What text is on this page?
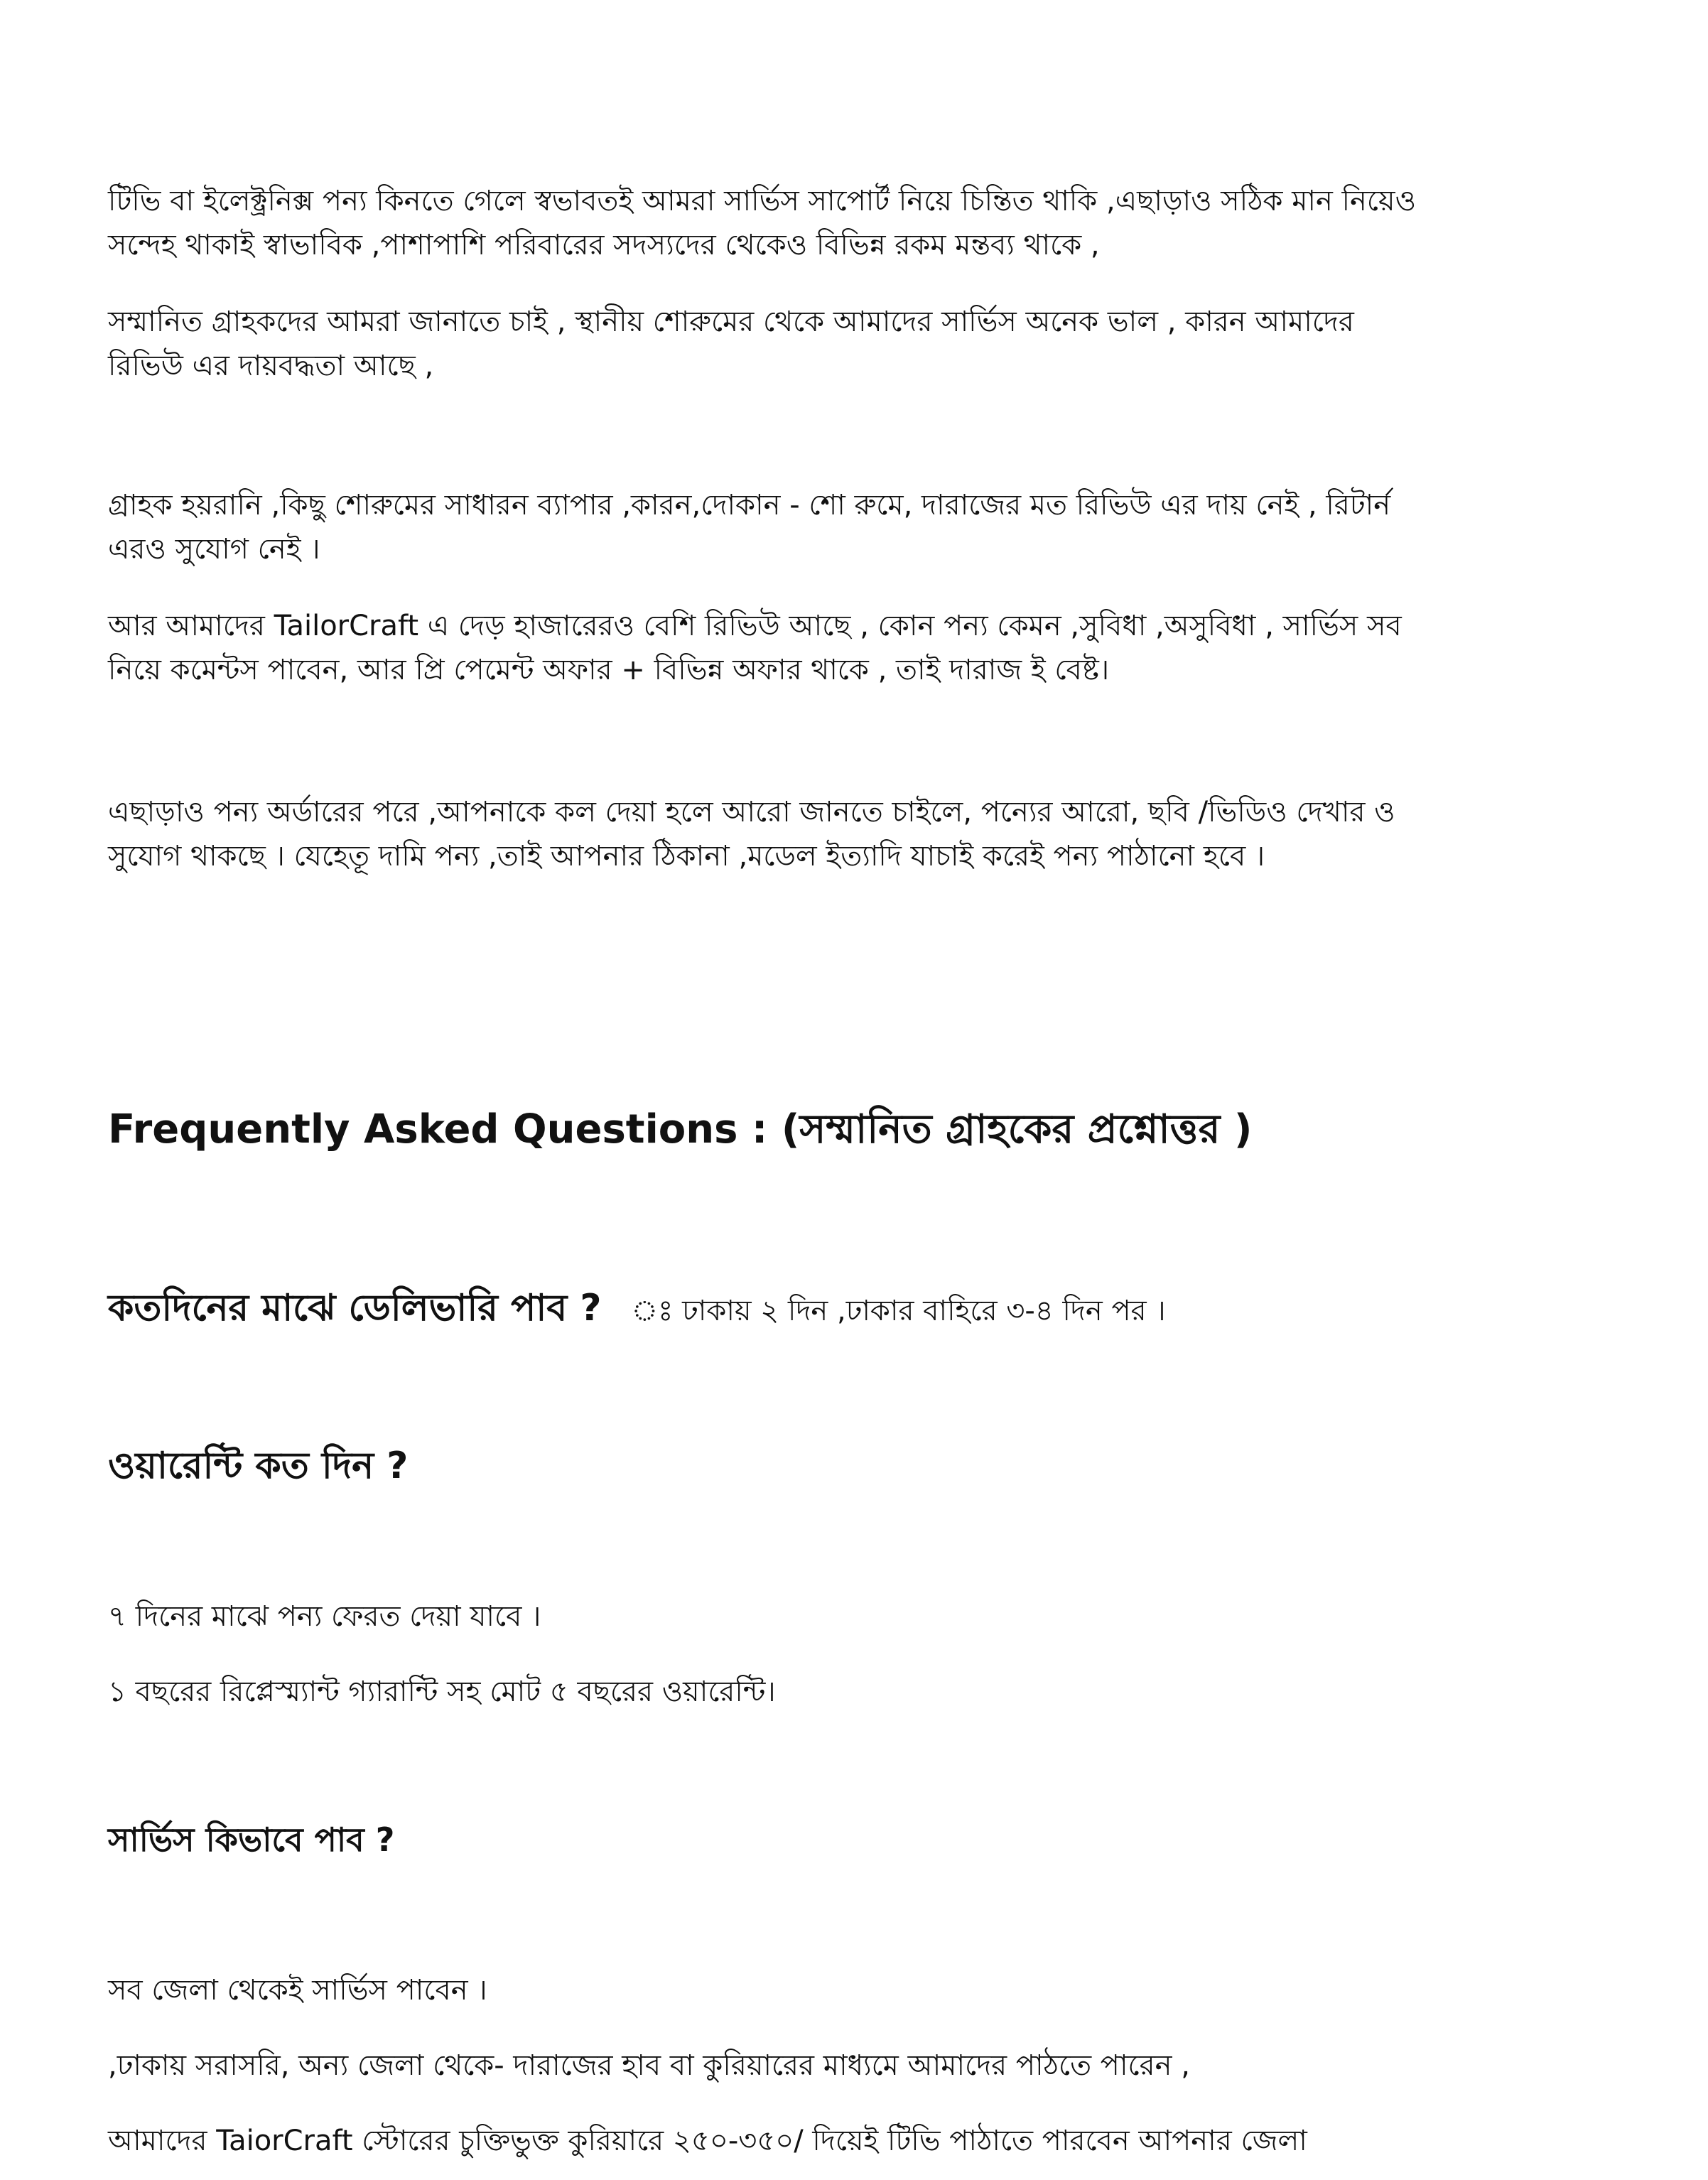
টিভি বা ইলেক্ট্রনিক্স পন্য কিনতে গেলে স্বভাবতই আমরা সার্ভিস সাপোর্ট নিয়ে চিন্তিত থাকি ,এছাড়াও সঠিক মান নিয়েও
সন্দেহ থাকাই স্বাভাবিক ,পাশাপাশি পরিবারের সদস্যদের থেকেও বিভিন্ন রকম মন্তব্য থাকে ,

সম্মানিত গ্রাহকদের আমরা জানাতে চাই , স্থানীয় শোরুমের থেকে আমাদের সার্ভিস অনেক ভাল , কারন আমাদের
রিভিউ এর দায়বদ্ধতা আছে ,

গ্রাহক হয়রানি ,কিছু শোরুমের সাধারন ব্যাপার ,কারন,দোকান - শো রুমে, দারাজের মত রিভিউ এর দায় নেই , রিটার্ন
এরও সুযোগ নেই ।

আর আমাদের TailorCraft এ দেড় হাজারেরও বেশি রিভিউ আছে , কোন পন্য কেমন ,সুবিধা ,অসুবিধা , সার্ভিস সব
নিয়ে কমেন্টস পাবেন, আর প্রি পেমেন্ট অফার + বিভিন্ন অফার থাকে , তাই দারাজ ই বেষ্ট।

এছাড়াও পন্য অর্ডারের পরে ,আপনাকে কল দেয়া হলে আরো জানতে চাইলে, পন্যের আরো, ছবি /ভিডিও দেখার ও
সুযোগ থাকছে । যেহেতূ দামি পন্য ,তাই আপনার ঠিকানা ,মডেল ইত্যাদি যাচাই করেই পন্য পাঠানো হবে ।

Frequently Asked Questions : (সম্মানিত গ্রাহকের প্রশ্নোত্তর )
কতদিনের মাঝে ডেলিভারি পাব ? ঃ ঢাকায় ২ দিন ,ঢাকার বাহিরে ৩-৪ দিন পর ।
ওয়ারেন্টি কত দিন ?
৭ দিনের মাঝে পন্য ফেরত দেয়া যাবে ।
১ বছরের রিপ্লেস্ম্যান্ট গ্যারান্টি সহ মোট ৫ বছরের ওয়ারেন্টি।
সার্ভিস কিভাবে পাব ?
সব জেলা থেকেই সার্ভিস পাবেন ।
,ঢাকায় সরাসরি, অন্য জেলা থেকে- দারাজের হাব বা কুরিয়ারের মাধ্যমে আমাদের পাঠতে পারেন ,
আমাদের TaiorCraft স্টোরের চুক্তিভুক্ত কুরিয়ারে ২৫০-৩৫০/ দিয়েই টিভি পাঠাতে পারবেন আপনার জেলা
